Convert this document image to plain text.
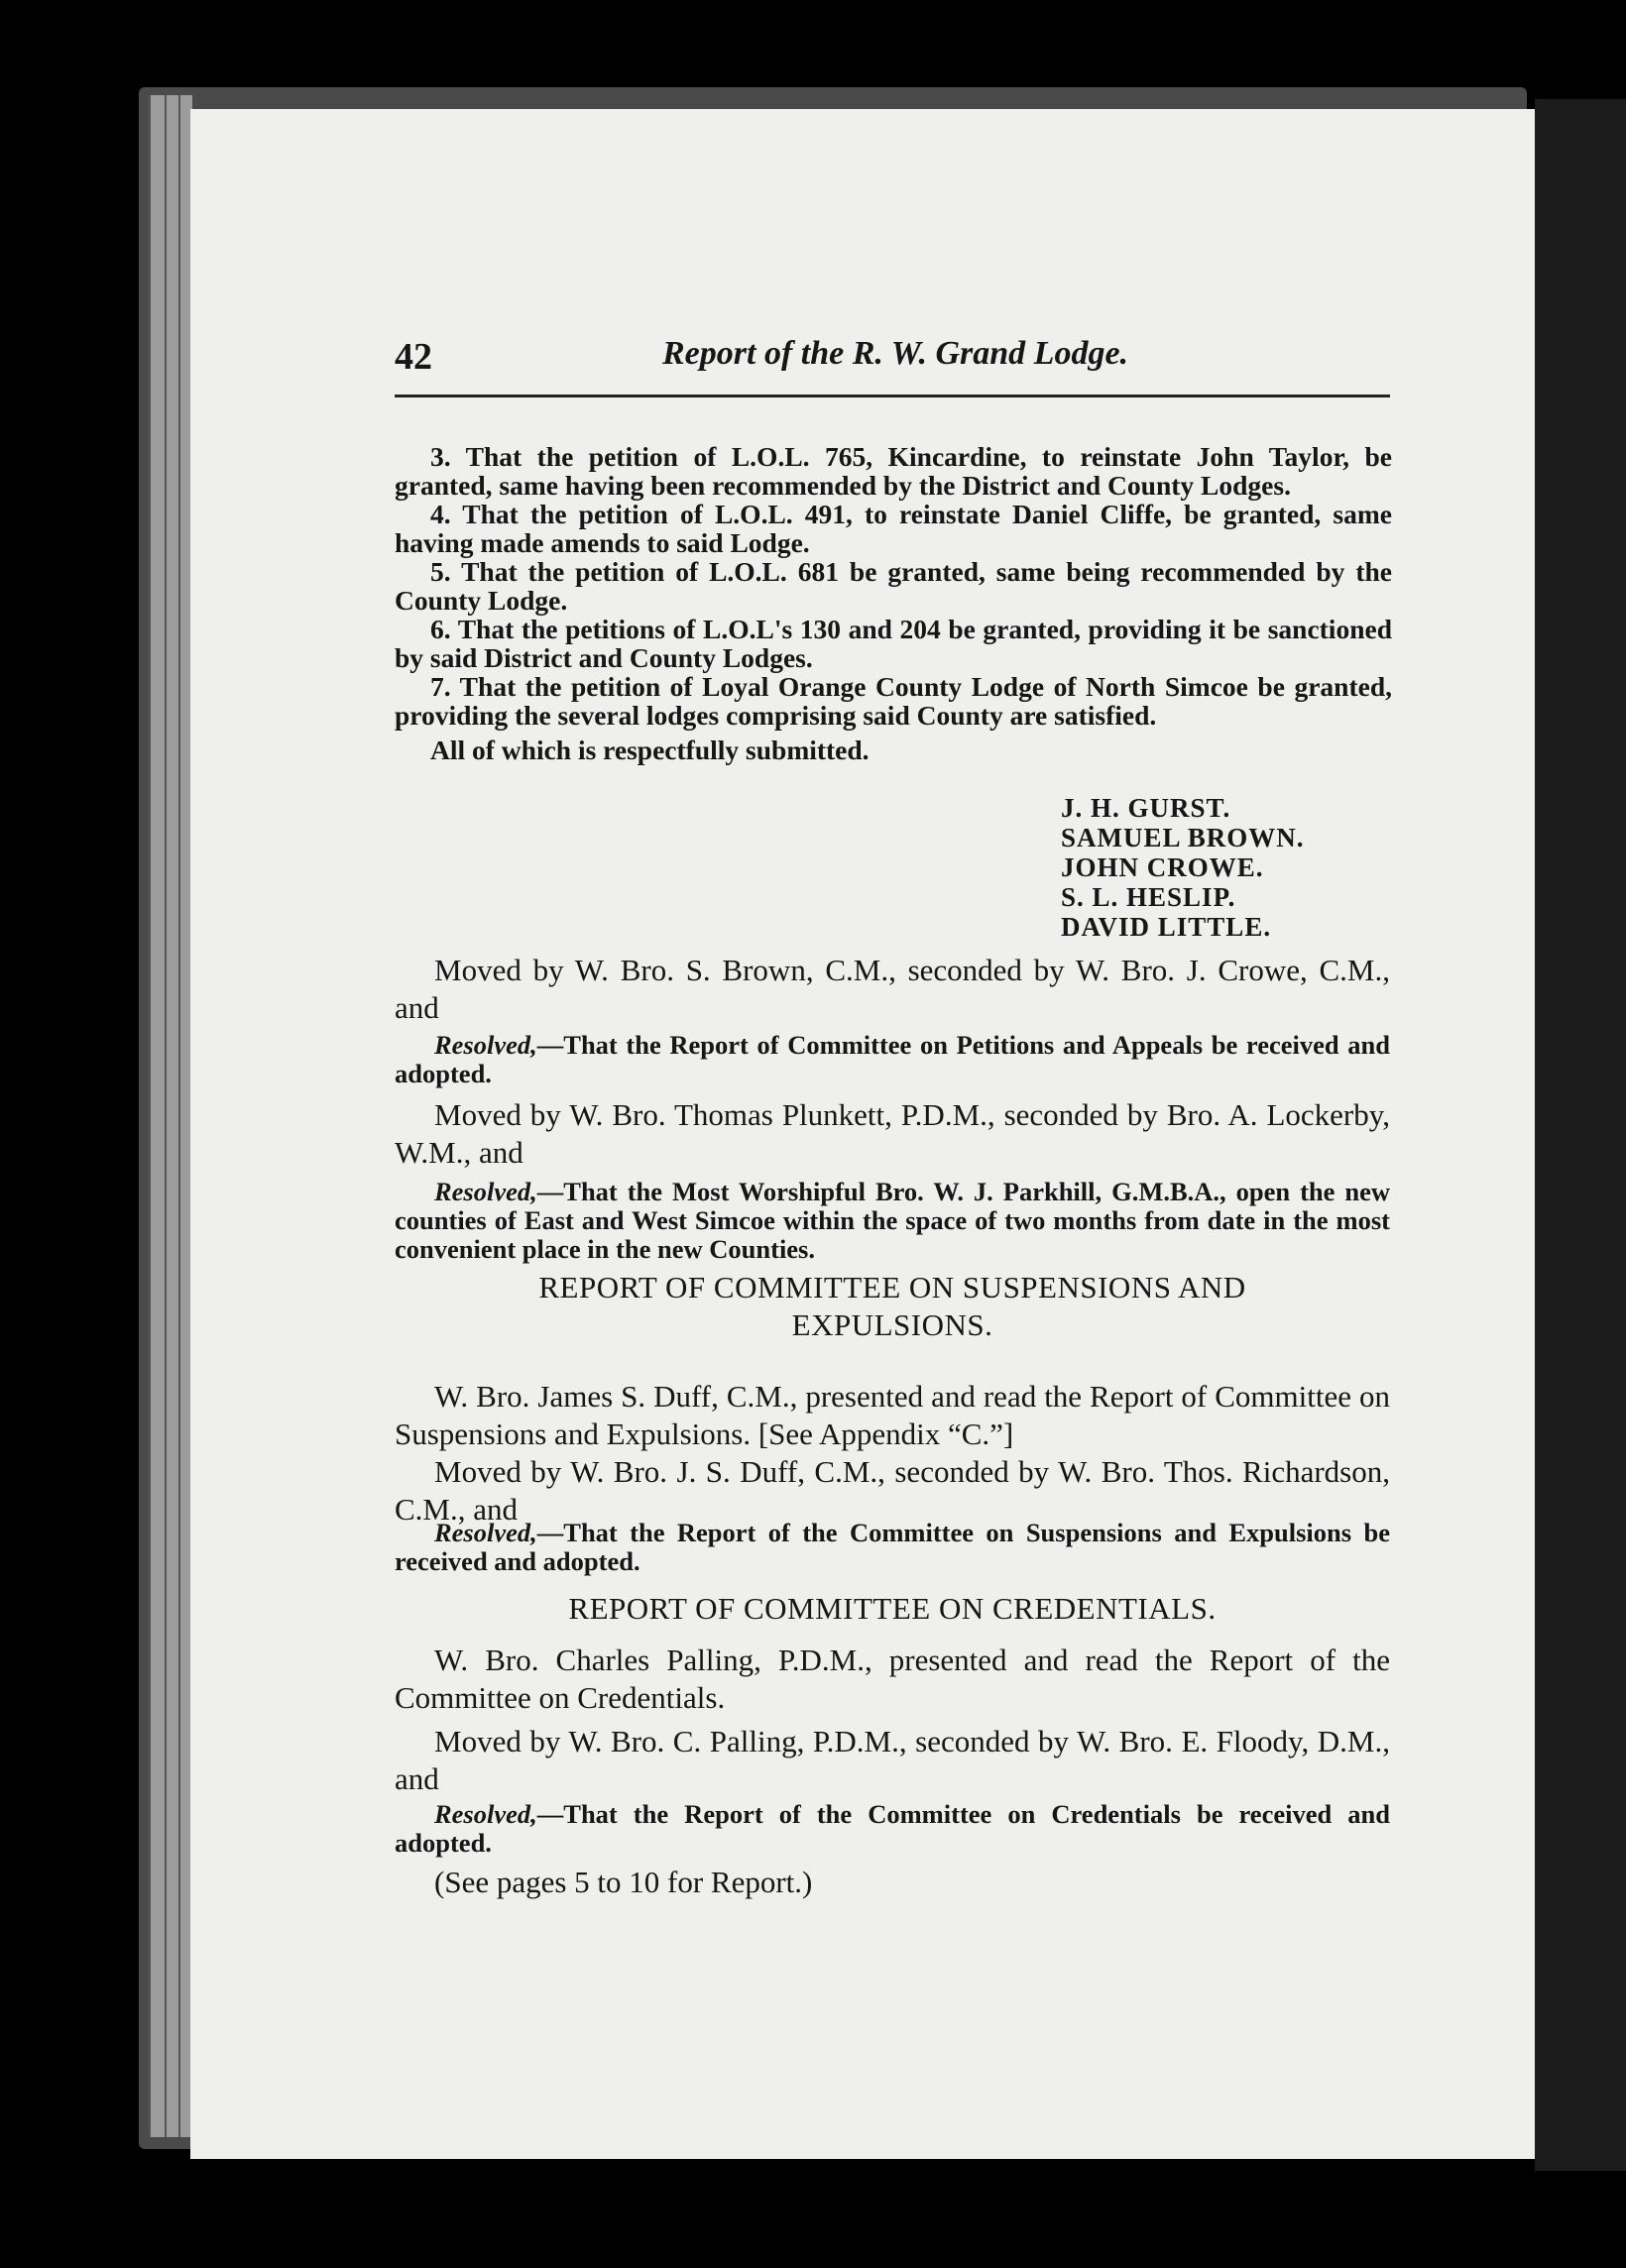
42	Report of the R. W. Grand Lodge.

3. That the petition of L.O.L. 765, Kincardine, to reinstate John Taylor, be granted, same having been recommended by the District and County Lodges.

4. That the petition of L.O.L. 491, to reinstate Daniel Cliffe, be granted, same having made amends to said Lodge.

5. That the petition of L.O.L. 681 be granted, same being recommended by the County Lodge.

6. That the petitions of L.O.L's 130 and 204 be granted, providing it be sanctioned by said District and County Lodges.

7. That the petition of Loyal Orange County Lodge of North Simcoe be granted, providing the several lodges comprising said County are satisfied.

All of which is respectfully submitted.

J. H. GURST.
SAMUEL BROWN.
JOHN CROWE.
S. L. HESLIP.
DAVID LITTLE.

Moved by W. Bro. S. Brown, C.M., seconded by W. Bro. J. Crowe, C.M., and

Resolved,—That the Report of Committee on Petitions and Appeals be received and adopted.

Moved by W. Bro. Thomas Plunkett, P.D.M., seconded by Bro. A. Lockerby, W.M., and

Resolved,—That the Most Worshipful Bro. W. J. Parkhill, G.M.B.A., open the new counties of East and West Simcoe within the space of two months from date in the most convenient place in the new Counties.

REPORT OF COMMITTEE ON SUSPENSIONS AND
EXPULSIONS.

W. Bro. James S. Duff, C.M., presented and read the Report of Committee on Suspensions and Expulsions. [See Appendix “C.”]

Moved by W. Bro. J. S. Duff, C.M., seconded by W. Bro. Thos. Richardson, C.M., and

Resolved,—That the Report of the Committee on Suspensions and Expulsions be received and adopted.

REPORT OF COMMITTEE ON CREDENTIALS.

W. Bro. Charles Palling, P.D.M., presented and read the Report of the Committee on Credentials.

Moved by W. Bro. C. Palling, P.D.M., seconded by W. Bro. E. Floody, D.M., and

Resolved,—That the Report of the Committee on Credentials be received and adopted.

(See pages 5 to 10 for Report.)
